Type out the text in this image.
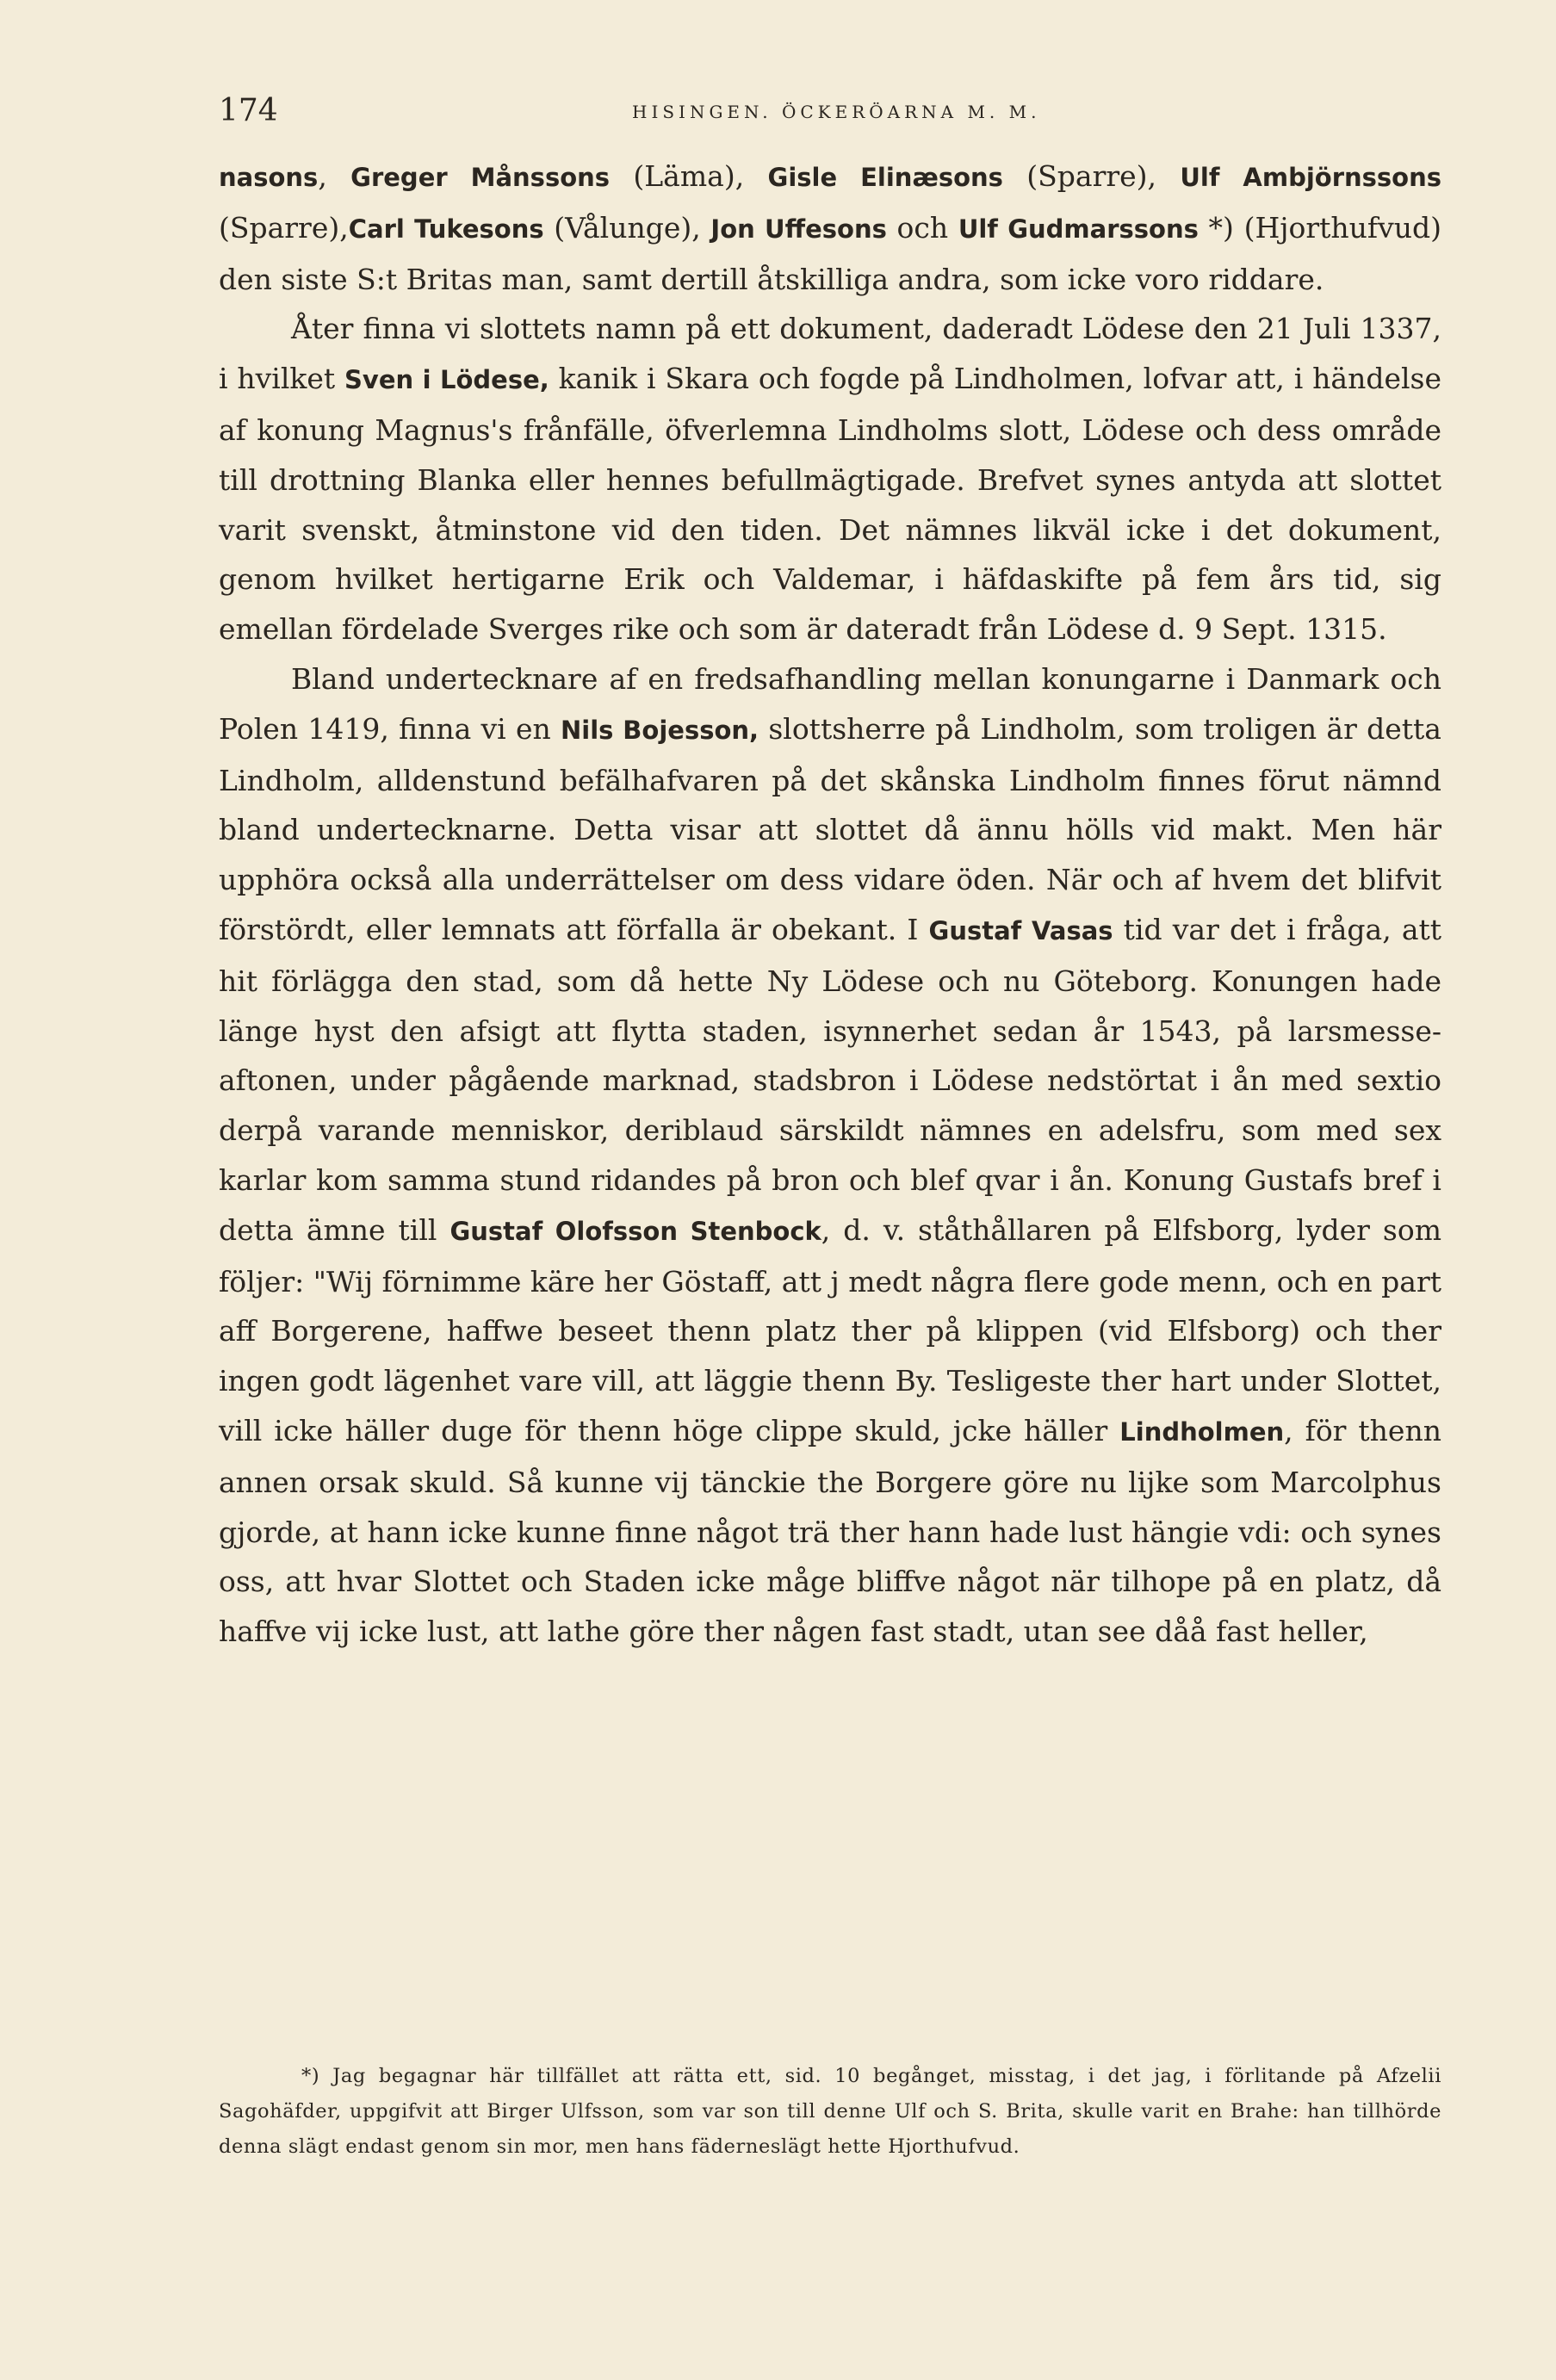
174	HISINGEN. ÖCKERÖARNA M. M.

nasons, Greger Månssons (Läma), Gisle Elinæsons (Sparre), Ulf Ambjörnssons (Sparre),Carl Tukesons (Vålunge), Jon Uffesons och Ulf Gudmarssons *) (Hjorthufvud) den siste S:t Britas man, samt dertill åtskilliga andra, som icke voro riddare.

Åter finna vi slottets namn på ett dokument, daderadt Lödese den 21 Juli 1337, i hvilket Sven i Lödese, kanik i Skara och fogde på Lindholmen, lofvar att, i händelse af konung Magnus's frånfälle, öfverlemna Lindholms slott, Lödese och dess område till drottning Blanka eller hennes befullmägtigade. Brefvet synes antyda att slottet varit svenskt, åtminstone vid den tiden. Det nämnes likväl icke i det dokument, genom hvilket hertigarne Erik och Valdemar, i häfdaskifte på fem års tid, sig emellan fördelade Sverges rike och som är dateradt från Lödese d. 9 Sept. 1315.

Bland undertecknare af en fredsafhandling mellan konungarne i Danmark och Polen 1419, finna vi en Nils Bojesson, slottsherre på Lindholm, som troligen är detta Lindholm, alldenstund befälhafvaren på det skånska Lindholm finnes förut nämnd bland undertecknarne. Detta visar att slottet då ännu hölls vid makt. Men här upphöra också alla underrättelser om dess vidare öden. När och af hvem det blifvit förstördt, eller lemnats att förfalla är obekant. I Gustaf Vasas tid var det i fråga, att hit förlägga den stad, som då hette Ny Lödese och nu Göteborg. Konungen hade länge hyst den afsigt att flytta staden, isynnerhet sedan år 1543, på larsmesse-aftonen, under pågående marknad, stadsbron i Lödese nedstörtat i ån med sextio derpå varande menniskor, deriblaud särskildt nämnes en adelsfru, som med sex karlar kom samma stund ridandes på bron och blef qvar i ån. Konung Gustafs bref i detta ämne till Gustaf Olofsson Stenbock, d. v. ståthållaren på Elfsborg, lyder som följer: "Wij förnimme käre her Göstaff, att j medt några flere gode menn, och en part aff Borgerene, haffwe beseet thenn platz ther på klippen (vid Elfsborg) och ther ingen godt lägenhet vare vill, att läggie thenn By. Tesligeste ther hart under Slottet, vill icke häller duge för thenn höge clippe skuld, jcke häller Lindholmen, för thenn annen orsak skuld. Så kunne vij tänckie the Borgere göre nu lijke som Marcolphus gjorde, at hann icke kunne finne något trä ther hann hade lust hängie vdi: och synes oss, att hvar Slottet och Staden icke måge bliffve något när tilhope på en platz, då haffve vij icke lust, att lathe göre ther någen fast stadt, utan see dåå fast heller,

*) Jag begagnar här tillfället att rätta ett, sid. 10 begånget, misstag, i det jag, i förlitande på Afzelii Sagohäfder, uppgifvit att Birger Ulfsson, som var son till denne Ulf och S. Brita, skulle varit en Brahe: han tillhörde denna slägt endast genom sin mor, men hans fäderneslägt hette Hjorthufvud.
